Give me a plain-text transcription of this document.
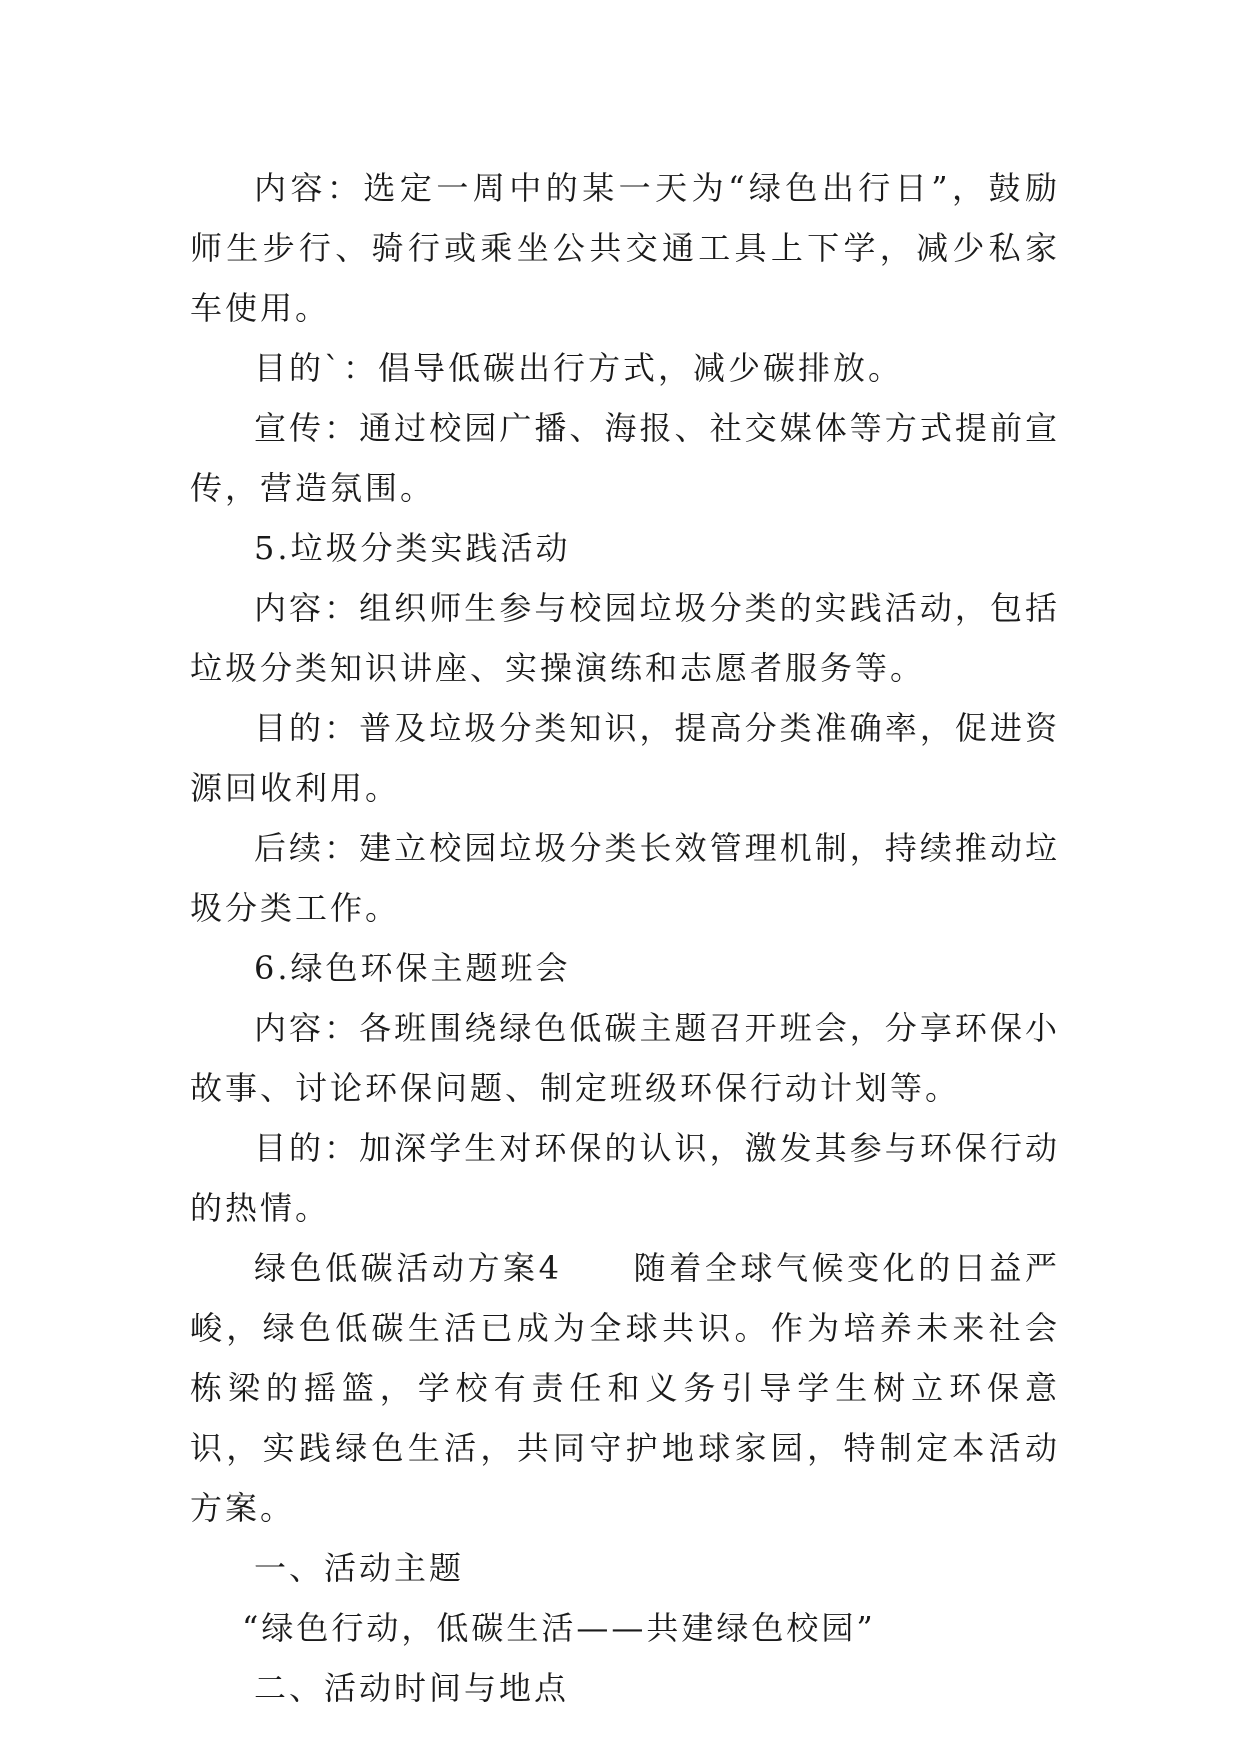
内容：选定一周中的某一天为“绿色出行日”，鼓励师生步行、骑行或乘坐公共交通工具上下学，减少私家车使用。

目的`：倡导低碳出行方式，减少碳排放。

宣传：通过校园广播、海报、社交媒体等方式提前宣传，营造氛围。

5.垃圾分类实践活动

内容：组织师生参与校园垃圾分类的实践活动，包括垃圾分类知识讲座、实操演练和志愿者服务等。

目的：普及垃圾分类知识，提高分类准确率，促进资源回收利用。

后续：建立校园垃圾分类长效管理机制，持续推动垃圾分类工作。

6.绿色环保主题班会

内容：各班围绕绿色低碳主题召开班会，分享环保小故事、讨论环保问题、制定班级环保行动计划等。

目的：加深学生对环保的认识，激发其参与环保行动的热情。

绿色低碳活动方案4　　随着全球气候变化的日益严峻，绿色低碳生活已成为全球共识。作为培养未来社会栋梁的摇篮，学校有责任和义务引导学生树立环保意识，实践绿色生活，共同守护地球家园，特制定本活动方案。

一、活动主题

“绿色行动，低碳生活——共建绿色校园”

二、活动时间与地点
